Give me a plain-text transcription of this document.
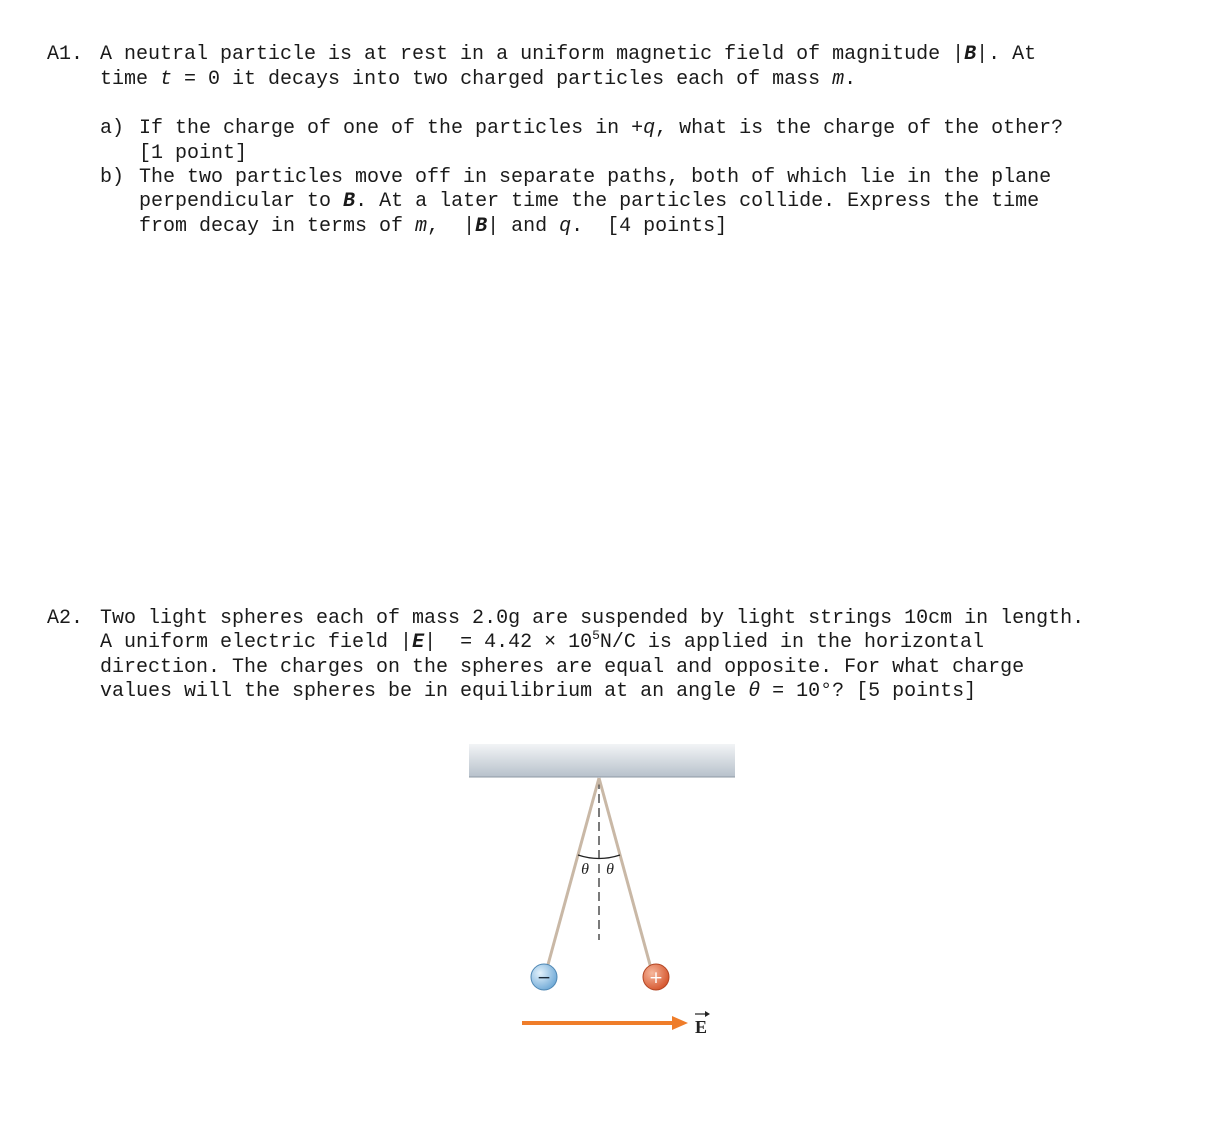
A1. A neutral particle is at rest in a uniform magnetic field of magnitude |B|. At
time t = 0 it decays into two charged particles each of mass m.
a) If the charge of one of the particles in +q, what is the charge of the other?
[1 point]
b) The two particles move off in separate paths, both of which lie in the plane
perpendicular to B. At a later time the particles collide. Express the time
from decay in terms of m,  |B| and q.  [4 points]
A2. Two light spheres each of mass 2.0g are suspended by light strings 10cm in length.
A uniform electric field $|E| = 4.42 \times 10^5N/C$ is applied in the horizontal
direction. The charges on the spheres are equal and opposite. For what charge
values will the spheres be in equilibrium at an angle θ = 10°? [5 points]
θ θ
−	+
E
